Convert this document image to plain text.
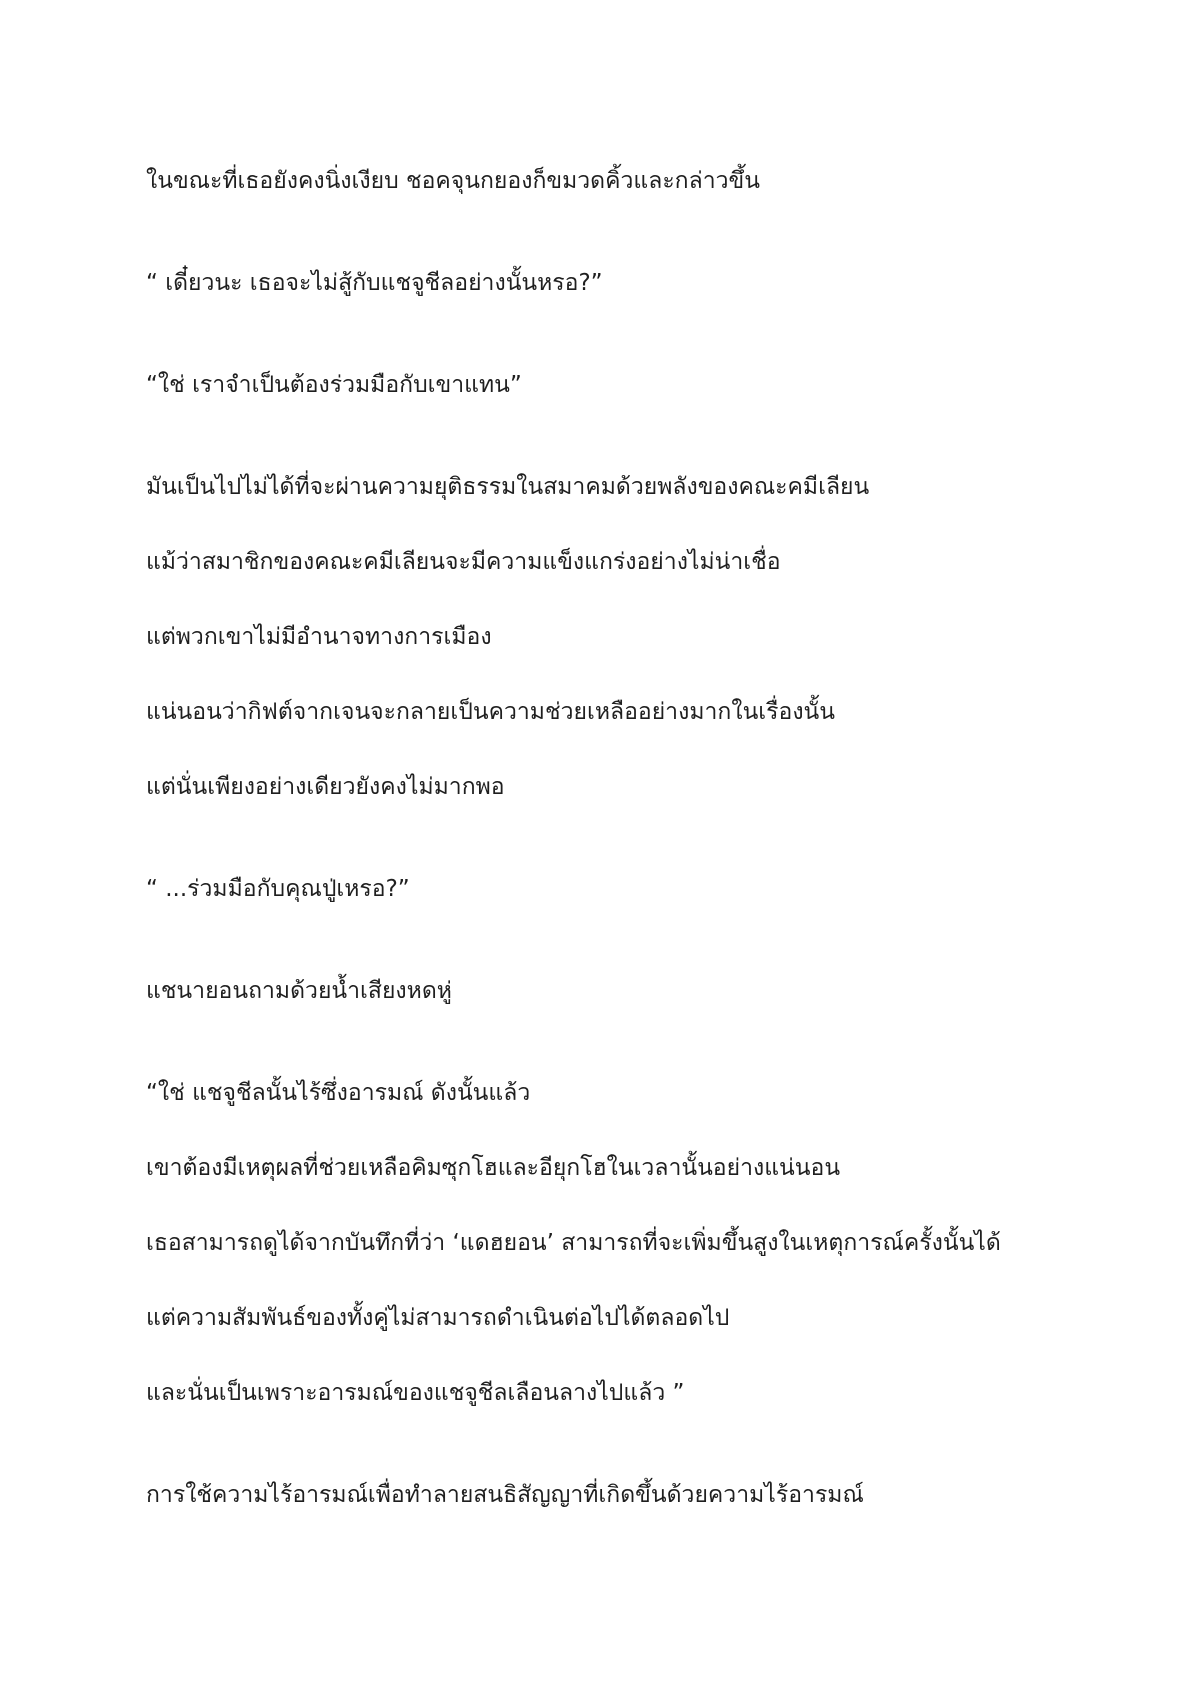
ในขณะที่เธอยังคงนิ่งเงียบ ชอคจุนกยองก็ขมวดคิ้วและกล่าวขึ้น

“ เดี๋ยวนะ เธอจะไม่สู้กับแชจูชีลอย่างนั้นหรอ?”

“ใช่ เราจำเป็นต้องร่วมมือกับเขาแทน”

มันเป็นไปไม่ได้ที่จะผ่านความยุติธรรมในสมาคมด้วยพลังของคณะคมีเลียน

แม้ว่าสมาชิกของคณะคมีเลียนจะมีความแข็งแกร่งอย่างไม่น่าเชื่อ

แต่พวกเขาไม่มีอำนาจทางการเมือง

แน่นอนว่ากิฟต์จากเจนจะกลายเป็นความช่วยเหลืออย่างมากในเรื่องนั้น

แต่นั่นเพียงอย่างเดียวยังคงไม่มากพอ

“ ...ร่วมมือกับคุณปู่เหรอ?”

แชนายอนถามด้วยน้ำเสียงหดหู่

“ใช่ แชจูชีลนั้นไร้ซึ่งอารมณ์ ดังนั้นแล้ว

เขาต้องมีเหตุผลที่ช่วยเหลือคิมซุกโฮและอียุกโฮในเวลานั้นอย่างแน่นอน

เธอสามารถดูได้จากบันทึกที่ว่า ‘แดฮยอน’ สามารถที่จะเพิ่มขึ้นสูงในเหตุการณ์ครั้งนั้นได้

แต่ความสัมพันธ์ของทั้งคู่ไม่สามารถดำเนินต่อไปได้ตลอดไป

และนั่นเป็นเพราะอารมณ์ของแชจูชีลเลือนลางไปแล้ว ”

การใช้ความไร้อารมณ์เพื่อทำลายสนธิสัญญาที่เกิดขึ้นด้วยความไร้อารมณ์
